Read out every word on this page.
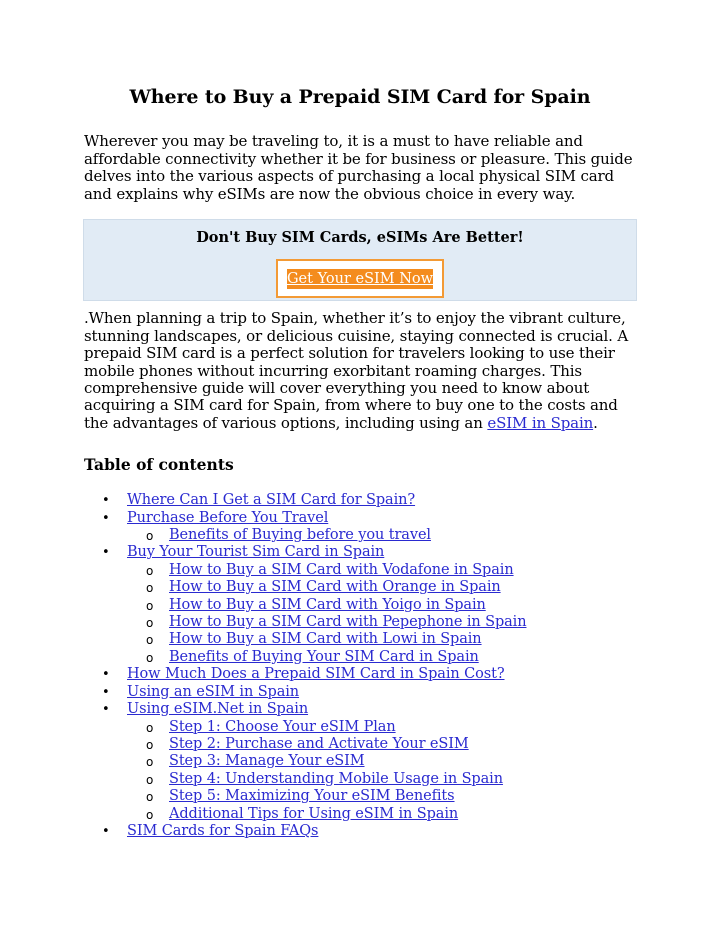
Where to Buy a Prepaid SIM Card for Spain

Wherever you may be traveling to, it is a must to have reliable and affordable connectivity whether it be for business or pleasure. This guide delves into the various aspects of purchasing a local physical SIM card and explains why eSIMs are now the obvious choice in every way.

Don't Buy SIM Cards, eSIMs Are Better!
Get Your eSIM Now

.When planning a trip to Spain, whether it’s to enjoy the vibrant culture, stunning landscapes, or delicious cuisine, staying connected is crucial. A prepaid SIM card is a perfect solution for travelers looking to use their mobile phones without incurring exorbitant roaming charges. This comprehensive guide will cover everything you need to know about acquiring a SIM card for Spain, from where to buy one to the costs and the advantages of various options, including using an eSIM in Spain.

Table of contents
• Where Can I Get a SIM Card for Spain?
• Purchase Before You Travel
o Benefits of Buying before you travel
• Buy Your Tourist Sim Card in Spain
o How to Buy a SIM Card with Vodafone in Spain
o How to Buy a SIM Card with Orange in Spain
o How to Buy a SIM Card with Yoigo in Spain
o How to Buy a SIM Card with Pepephone in Spain
o How to Buy a SIM Card with Lowi in Spain
o Benefits of Buying Your SIM Card in Spain
• How Much Does a Prepaid SIM Card in Spain Cost?
• Using an eSIM in Spain
• Using eSIM.Net in Spain
o Step 1: Choose Your eSIM Plan
o Step 2: Purchase and Activate Your eSIM
o Step 3: Manage Your eSIM
o Step 4: Understanding Mobile Usage in Spain
o Step 5: Maximizing Your eSIM Benefits
o Additional Tips for Using eSIM in Spain
• SIM Cards for Spain FAQs
